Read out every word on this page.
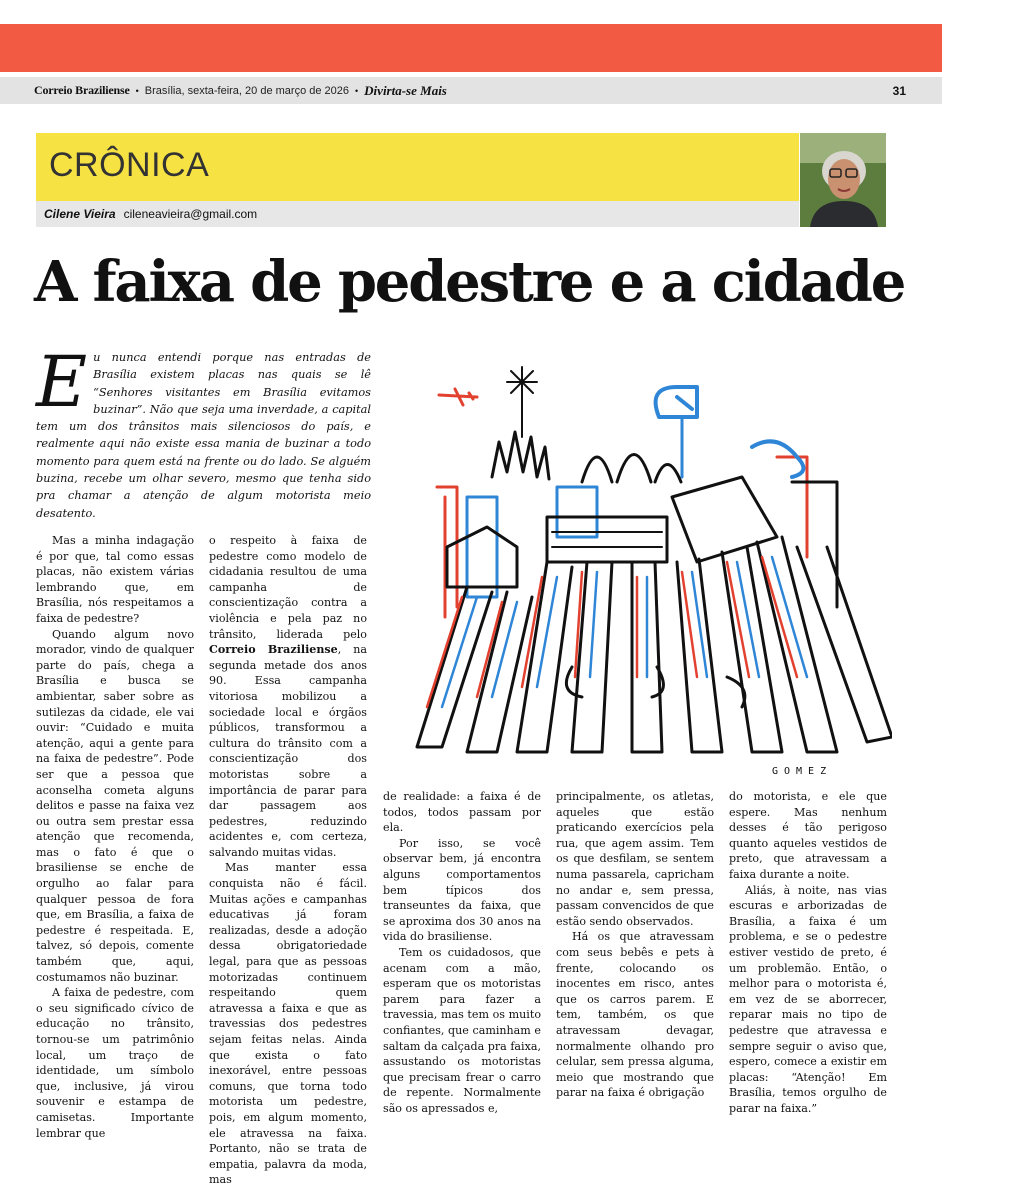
Correio Braziliense • Brasília, sexta-feira, 20 de março de 2026 • Divirta-se Mais	31
CRÔNICA
Cilene Vieira cileneavieira@gmail.com
A faixa de pedestre e a cidade
E u nunca entendi porque nas entradas de Brasília existem placas nas quais se lê “Senhores visitantes em Brasília evitamos buzinar”. Não que seja uma inverdade, a capital tem um dos trânsitos mais silenciosos do país, e realmente aqui não existe essa mania de buzinar a todo momento para quem está na frente ou do lado. Se alguém buzina, recebe um olhar severo, mesmo que tenha sido pra chamar a atenção de algum motorista meio desatento.
GOMEZ

Mas a minha indagação é por que, tal como essas placas, não existem várias lembrando que, em Brasília, nós respeitamos a faixa de pedestre?

Quando algum novo morador, vindo de qualquer parte do país, chega a Brasília e busca se ambientar, saber sobre as sutilezas da cidade, ele vai ouvir: “Cuidado e muita atenção, aqui a gente para na faixa de pedestre”. Pode ser que a pessoa que aconselha cometa alguns delitos e passe na faixa vez ou outra sem prestar essa atenção que recomenda, mas o fato é que o brasiliense se enche de orgulho ao falar para qualquer pessoa de fora que, em Brasília, a faixa de pedestre é respeitada. E, talvez, só depois, comente também que, aqui, costumamos não buzinar.

A faixa de pedestre, com o seu significado cívico de educação no trânsito, tornou-se um patrimônio local, um traço de identidade, um símbolo que, inclusive, já virou souvenir e estampa de camisetas. Importante lembrar que

o respeito à faixa de pedestre como modelo de cidadania resultou de uma campanha de conscientização contra a violência e pela paz no trânsito, liderada pelo Correio Braziliense, na segunda metade dos anos 90. Essa campanha vitoriosa mobilizou a sociedade local e órgãos públicos, transformou a cultura do trânsito com a conscientização dos motoristas sobre a importância de parar para dar passagem aos pedestres, reduzindo acidentes e, com certeza, salvando muitas vidas.

Mas manter essa conquista não é fácil. Muitas ações e campanhas educativas já foram realizadas, desde a adoção dessa obrigatoriedade legal, para que as pessoas motorizadas continuem respeitando quem atravessa a faixa e que as travessias dos pedestres sejam feitas nelas. Ainda que exista o fato inexorável, entre pessoas comuns, que torna todo motorista um pedestre, pois, em algum momento, ele atravessa na faixa. Portanto, não se trata de empatia, palavra da moda, mas

de realidade: a faixa é de todos, todos passam por ela.

Por isso, se você observar bem, já encontra alguns comportamentos bem típicos dos transeuntes da faixa, que se aproxima dos 30 anos na vida do brasiliense.

Tem os cuidadosos, que acenam com a mão, esperam que os motoristas parem para fazer a travessia, mas tem os muito confiantes, que caminham e saltam da calçada pra faixa, assustando os motoristas que precisam frear o carro de repente. Normalmente são os apressados e,

principalmente, os atletas, aqueles que estão praticando exercícios pela rua, que agem assim. Tem os que desfilam, se sentem numa passarela, capricham no andar e, sem pressa, passam convencidos de que estão sendo observados.

Há os que atravessam com seus bebês e pets à frente, colocando os inocentes em risco, antes que os carros parem. E tem, também, os que atravessam devagar, normalmente olhando pro celular, sem pressa alguma, meio que mostrando que parar na faixa é obrigação

do motorista, e ele que espere. Mas nenhum desses é tão perigoso quanto aqueles vestidos de preto, que atravessam a faixa durante a noite.

Aliás, à noite, nas vias escuras e arborizadas de Brasília, a faixa é um problema, e se o pedestre estiver vestido de preto, é um problemão. Então, o melhor para o motorista é, em vez de se aborrecer, reparar mais no tipo de pedestre que atravessa e sempre seguir o aviso que, espero, comece a existir em placas: “Atenção! Em Brasília, temos orgulho de parar na faixa.”
